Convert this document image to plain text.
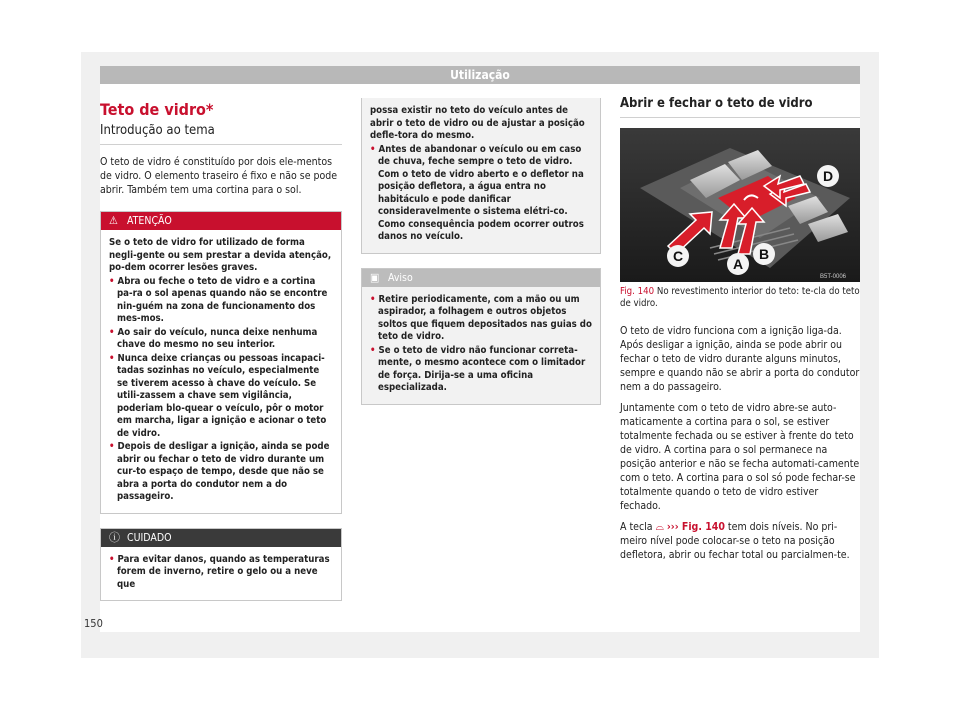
Utilização
150
Teto de vidro*
Introdução ao tema

O teto de vidro é constituído por dois ele-mentos de vidro. O elemento traseiro é fixo e não se pode abrir. Também tem uma cortina para o sol.

⚠ ATENÇÃO

Se o teto de vidro for utilizado de forma negli-gente ou sem prestar a devida atenção, po-dem ocorrer lesões graves.

• Abra ou feche o teto de vidro e a cortina pa-ra o sol apenas quando não se encontre nin-guém na zona de funcionamento dos mes-mos.

• Ao sair do veículo, nunca deixe nenhuma chave do mesmo no seu interior.

• Nunca deixe crianças ou pessoas incapaci-tadas sozinhas no veículo, especialmente se tiverem acesso à chave do veículo. Se utili-zassem a chave sem vigilância, poderiam blo-quear o veículo, pôr o motor em marcha, ligar a ignição e acionar o teto de vidro.

• Depois de desligar a ignição, ainda se pode abrir ou fechar o teto de vidro durante um cur-to espaço de tempo, desde que não se abra a porta do condutor nem a do passageiro.

ⓘ CUIDADO

• Para evitar danos, quando as temperaturas forem de inverno, retire o gelo ou a neve que

possa existir no teto do veículo antes de abrir o teto de vidro ou de ajustar a posição defle-tora do mesmo.

• Antes de abandonar o veículo ou em caso de chuva, feche sempre o teto de vidro. Com o teto de vidro aberto e o defletor na posição defletora, a água entra no habitáculo e pode danificar consideravelmente o sistema elétri-co. Como consequência podem ocorrer outros danos no veículo.

▣ Aviso

• Retire periodicamente, com a mão ou um aspirador, a folhagem e outros objetos soltos que fiquem depositados nas guias do teto de vidro.

• Se o teto de vidro não funcionar correta-mente, o mesmo acontece com o limitador de força. Dirija-se a uma oficina especializada.

Abrir e fechar o teto de vidro
C	A
B
D
B5T-0006

Fig. 140 No revestimento interior do teto: te-cla do teto de vidro.

O teto de vidro funciona com a ignição liga-da. Após desligar a ignição, ainda se pode abrir ou fechar o teto de vidro durante alguns minutos, sempre e quando não se abrir a porta do condutor nem a do passageiro.

Juntamente com o teto de vidro abre-se auto-maticamente a cortina para o sol, se estiver totalmente fechada ou se estiver à frente do teto de vidro. A cortina para o sol permanece na posição anterior e não se fecha automati-camente com o teto. A cortina para o sol só pode fechar-se totalmente quando o teto de vidro estiver fechado.

A tecla ⌓ ››› Fig. 140 tem dois níveis. No pri-meiro nível pode colocar-se o teto na posição defletora, abrir ou fechar total ou parcialmen-te.
